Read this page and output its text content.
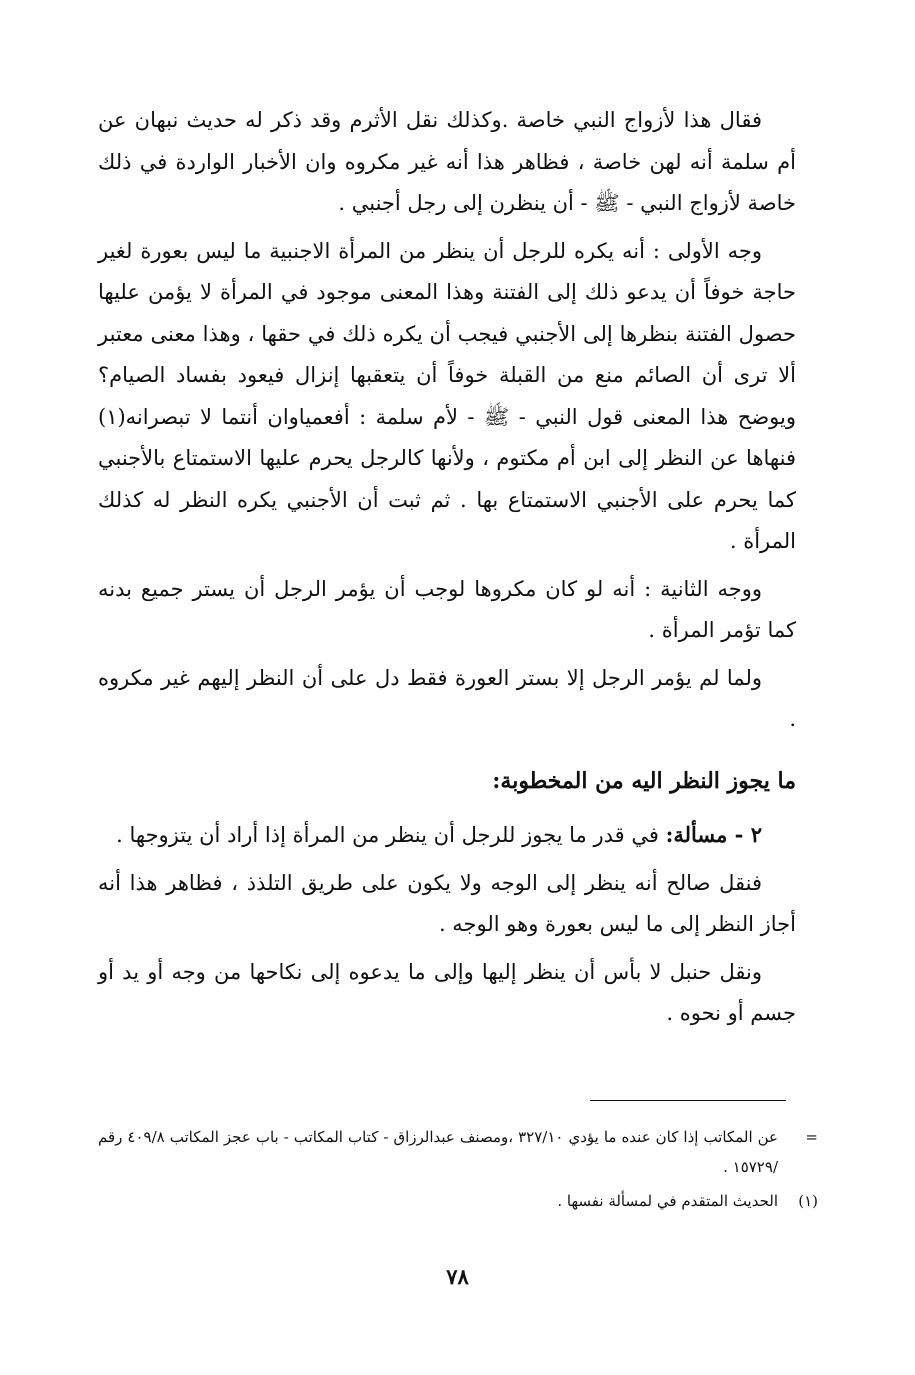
فقال هذا لأزواج النبي خاصة .وكذلك نقل الأثرم وقد ذكر له حديث نبهان عن أم سلمة أنه لهن خاصة ، فظاهر هذا أنه غير مكروه وان الأخبار الواردة في ذلك خاصة لأزواج النبي - ﷺ - أن ينظرن إلى رجل أجنبي .

وجه الأولى : أنه يكره للرجل أن ينظر من المرأة الاجنبية ما ليس بعورة لغير حاجة خوفاً أن يدعو ذلك إلى الفتنة وهذا المعنى موجود في المرأة لا يؤمن عليها حصول الفتنة بنظرها إلى الأجنبي فيجب أن يكره ذلك في حقها ، وهذا معنى معتبر ألا ترى أن الصائم منع من القبلة خوفاً أن يتعقبها إنزال فيعود بفساد الصيام؟ويوضح هذا المعنى قول النبي - ﷺ - لأم سلمة : أفعمياوان أنتما لا تبصرانه(١) فنهاها عن النظر إلى ابن أم مكتوم ، ولأنها كالرجل يحرم عليها الاستمتاع بالأجنبي كما يحرم على الأجنبي الاستمتاع بها . ثم ثبت أن الأجنبي يكره النظر له كذلك المرأة .

ووجه الثانية : أنه لو كان مكروها لوجب أن يؤمر الرجل أن يستر جميع بدنه كما تؤمر المرأة .

ولما لم يؤمر الرجل إلا بستر العورة فقط دل على أن النظر إليهم غير مكروه .

ما يجوز النظر اليه من المخطوبة:

٢ - مسألة: في قدر ما يجوز للرجل أن ينظر من المرأة إذا أراد أن يتزوجها .

فنقل صالح أنه ينظر إلى الوجه ولا يكون على طريق التلذذ ، فظاهر هذا أنه أجاز النظر إلى ما ليس بعورة وهو الوجه .

ونقل حنبل لا بأس أن ينظر إليها وإلى ما يدعوه إلى نكاحها من وجه أو يد أو جسم أو نحوه .

=
عن المكاتب إذا كان عنده ما يؤدي ٣٢٧/١٠ ،ومصنف عبدالرزاق - كتاب المكاتب - باب عجز المكاتب ٤٠٩/٨ رقم /١٥٧٢٩ .
(١)
الحديث المتقدم في لمسألة نفسها .
٧٨
